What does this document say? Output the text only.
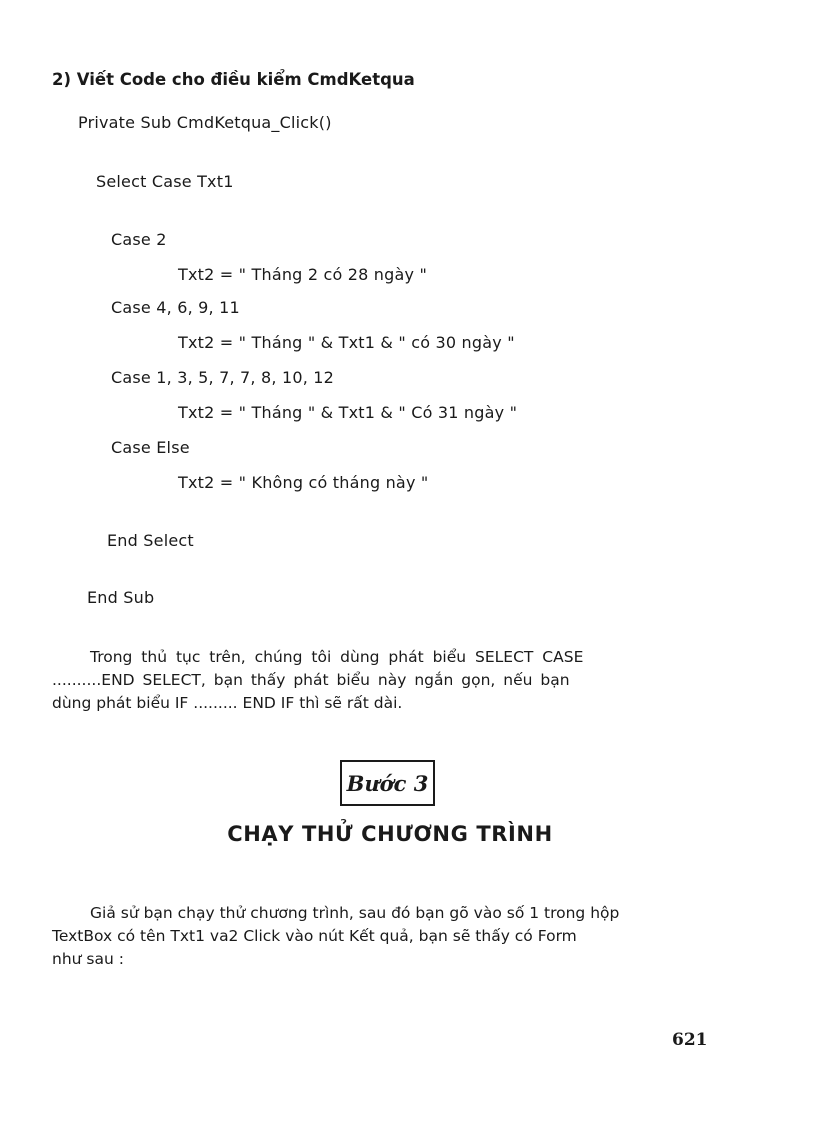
2) Viết Code cho điều kiểm CmdKetqua
Private Sub CmdKetqua_Click()
Select Case Txt1
Case 2
Txt2 = " Tháng 2 có 28 ngày "
Case 4, 6, 9, 11
Txt2 = " Tháng " & Txt1 & " có 30 ngày "
Case 1, 3, 5, 7, 7, 8, 10, 12
Txt2 = " Tháng " & Txt1 & " Có 31 ngày "
Case Else
Txt2 = " Không có tháng này "
End Select
End Sub
Trong thủ tục trên, chúng tôi dùng phát biểu SELECT CASE
..........END SELECT, bạn thấy phát biểu này ngắn gọn, nếu bạn
dùng phát biểu IF ......... END IF thì sẽ rất dài.
Bước 3
CHẠY THỬ CHƯƠNG TRÌNH
Giả sử bạn chạy thử chương trình, sau đó bạn gõ vào số 1 trong hộp
TextBox có tên Txt1 va2 Click vào nút Kết quả, bạn sẽ thấy có Form
như sau :
621
